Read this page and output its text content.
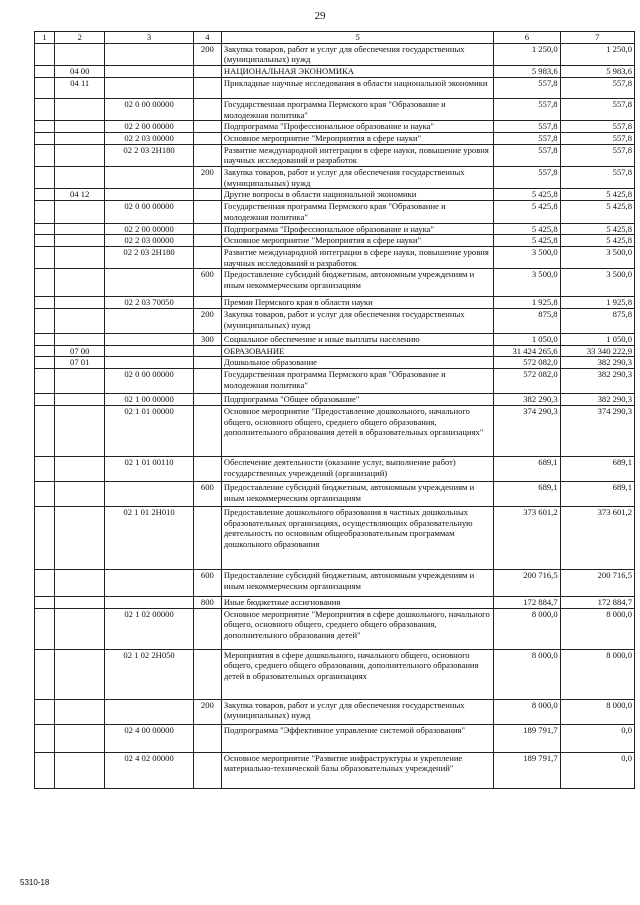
29
1	2	3	4	5	6	7
			200	Закупка товаров, работ и услуг для обеспечения государственных (муниципальных) нужд	1 250,0	1 250,0
	04 00			НАЦИОНАЛЬНАЯ ЭКОНОМИКА	5 983,6	5 983,6
	04 11			Прикладные научные исследования в области национальной экономики	557,8	557,8
		02 0 00 00000		Государственная программа Пермского края "Образование и молодежная политика"	557,8	557,8
		02 2 00 00000		Подпрограмма "Профессиональное образование и наука"	557,8	557,8
		02 2 03 00000		Основное мероприятие "Мероприятия в сфере науки"	557,8	557,8
		02 2 03 2Н180		Развитие международной интеграции в сфере науки, повышение уровня научных исследований и разработок	557,8	557,8
			200	Закупка товаров, работ и услуг для обеспечения государственных (муниципальных) нужд	557,8	557,8
	04 12			Другие вопросы в области национальной экономики	5 425,8	5 425,8
		02 0 00 00000		Государственная программа Пермского края "Образование и молодежная политика"	5 425,8	5 425,8
		02 2 00 00000		Подпрограмма "Профессиональное образование и наука"	5 425,8	5 425,8
		02 2 03 00000		Основное мероприятие "Мероприятия в сфере науки"	5 425,8	5 425,8
		02 2 03 2Н180		Развитие международной интеграции в сфере науки, повышение уровня научных исследований и разработок	3 500,0	3 500,0
			600	Предоставление субсидий бюджетным, автономным учреждениям и иным некоммерческим организациям	3 500,0	3 500,0
		02 2 03 70050		Премии Пермского края в области науки	1 925,8	1 925,8
			200	Закупка товаров, работ и услуг для обеспечения государственных (муниципальных) нужд	875,8	875,8
			300	Социальное обеспечение и иные выплаты населению	1 050,0	1 050,0
	07 00			ОБРАЗОВАНИЕ	31 424 265,6	33 340 222,9
	07 01			Дошкольное образование	572 082,0	382 290,3
		02 0 00 00000		Государственная программа Пермского края "Образование и молодежная политика"	572 082,0	382 290,3
		02 1 00 00000		Подпрограмма "Общее образование"	382 290,3	382 290,3
		02 1 01 00000		Основное мероприятие "Предоставление дошкольного, начального общего, основного общего, среднего общего образования, дополнительного образования детей в образовательных организациях"	374 290,3	374 290,3
		02 1 01 00110		Обеспечение деятельности (оказание услуг, выполнение работ) государственных учреждений (организаций)	689,1	689,1
			600	Предоставление субсидий бюджетным, автономным учреждениям и иным некоммерческим организациям	689,1	689,1
		02 1 01 2Н010		Предоставление дошкольного образования в частных дошкольных образовательных организациях, осуществляющих образовательную деятельность по основным общеобразовательным программам дошкольного образования	373 601,2	373 601,2
			600	Предоставление субсидий бюджетным, автономным учреждениям и иным некоммерческим организациям	200 716,5	200 716,5
			800	Иные бюджетные ассигнования	172 884,7	172 884,7
		02 1 02 00000		Основное мероприятие "Мероприятия в сфере дошкольного, начального общего, основного общего, среднего общего образования, дополнительного образования детей"	8 000,0	8 000,0
		02 1 02 2Н050		Мероприятия в сфере дошкольного, начального общего, основного общего, среднего общего образования, дополнительного образования детей в образовательных организациях	8 000,0	8 000,0
			200	Закупка товаров, работ и услуг для обеспечения государственных (муниципальных) нужд	8 000,0	8 000,0
		02 4 00 00000		Подпрограмма "Эффективное управление системой образования"	189 791,7	0,0
		02 4 02 00000		Основное мероприятие "Развитие инфраструктуры и укрепление материально-технической базы образовательных учреждений"	189 791,7	0,0
5310-18
